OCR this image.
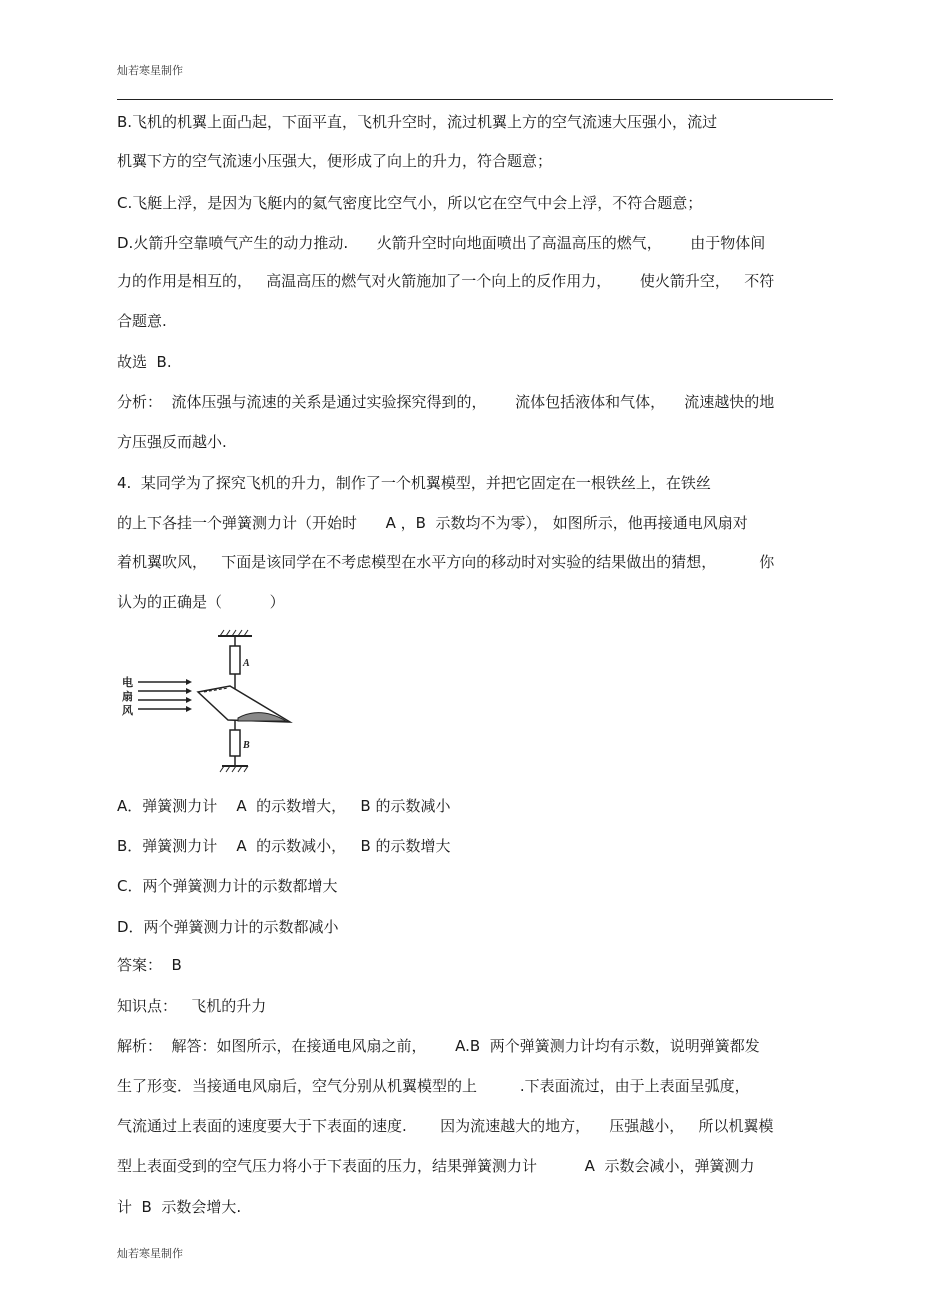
灿若寒星制作
B.飞机的机翼上面凸起，下面平直，飞机升空时，流过机翼上方的空气流速大压强小，流过
机翼下方的空气流速小压强大，便形成了向上的升力，符合题意；
C.飞艇上浮，是因为飞艇内的氦气密度比空气小，所以它在空气中会上浮，不符合题意；
D.火箭升空靠喷气产生的动力推动.      火箭升空时向地面喷出了高温高压的燃气，      由于物体间
力的作用是相互的，   高温高压的燃气对火箭施加了一个向上的反作用力，      使火箭升空，   不符
合题意.
故选  B.
分析：  流体压强与流速的关系是通过实验探究得到的，      流体包括液体和气体，    流速越快的地
方压强反而越小.
4.  某同学为了探究飞机的升力，制作了一个机翼模型，并把它固定在一根铁丝上，在铁丝
的上下各挂一个弹簧测力计（开始时      A ，B  示数均不为零）， 如图所示，他再接通电风扇对
着机翼吹风，   下面是该同学在不考虑模型在水平方向的移动时对实验的结果做出的猜想，         你
认为的正确是（          ）
A
电
扇
风
B
A．弹簧测力计    A  的示数增大，   B 的示数减小
B．弹簧测力计    A  的示数减小，   B 的示数增大
C．两个弹簧测力计的示数都增大
D．两个弹簧测力计的示数都减小
答案：  B
知识点：   飞机的升力
解析：  解答：如图所示，在接通电风扇之前，      A.B  两个弹簧测力计均有示数，说明弹簧都发
生了形变．当接通电风扇后，空气分别从机翼模型的上         .下表面流过，由于上表面呈弧度，
气流通过上表面的速度要大于下表面的速度.       因为流速越大的地方，    压强越小，   所以机翼模
型上表面受到的空气压力将小于下表面的压力，结果弹簧测力计          A  示数会减小，弹簧测力
计  B  示数会增大.
灿若寒星制作
